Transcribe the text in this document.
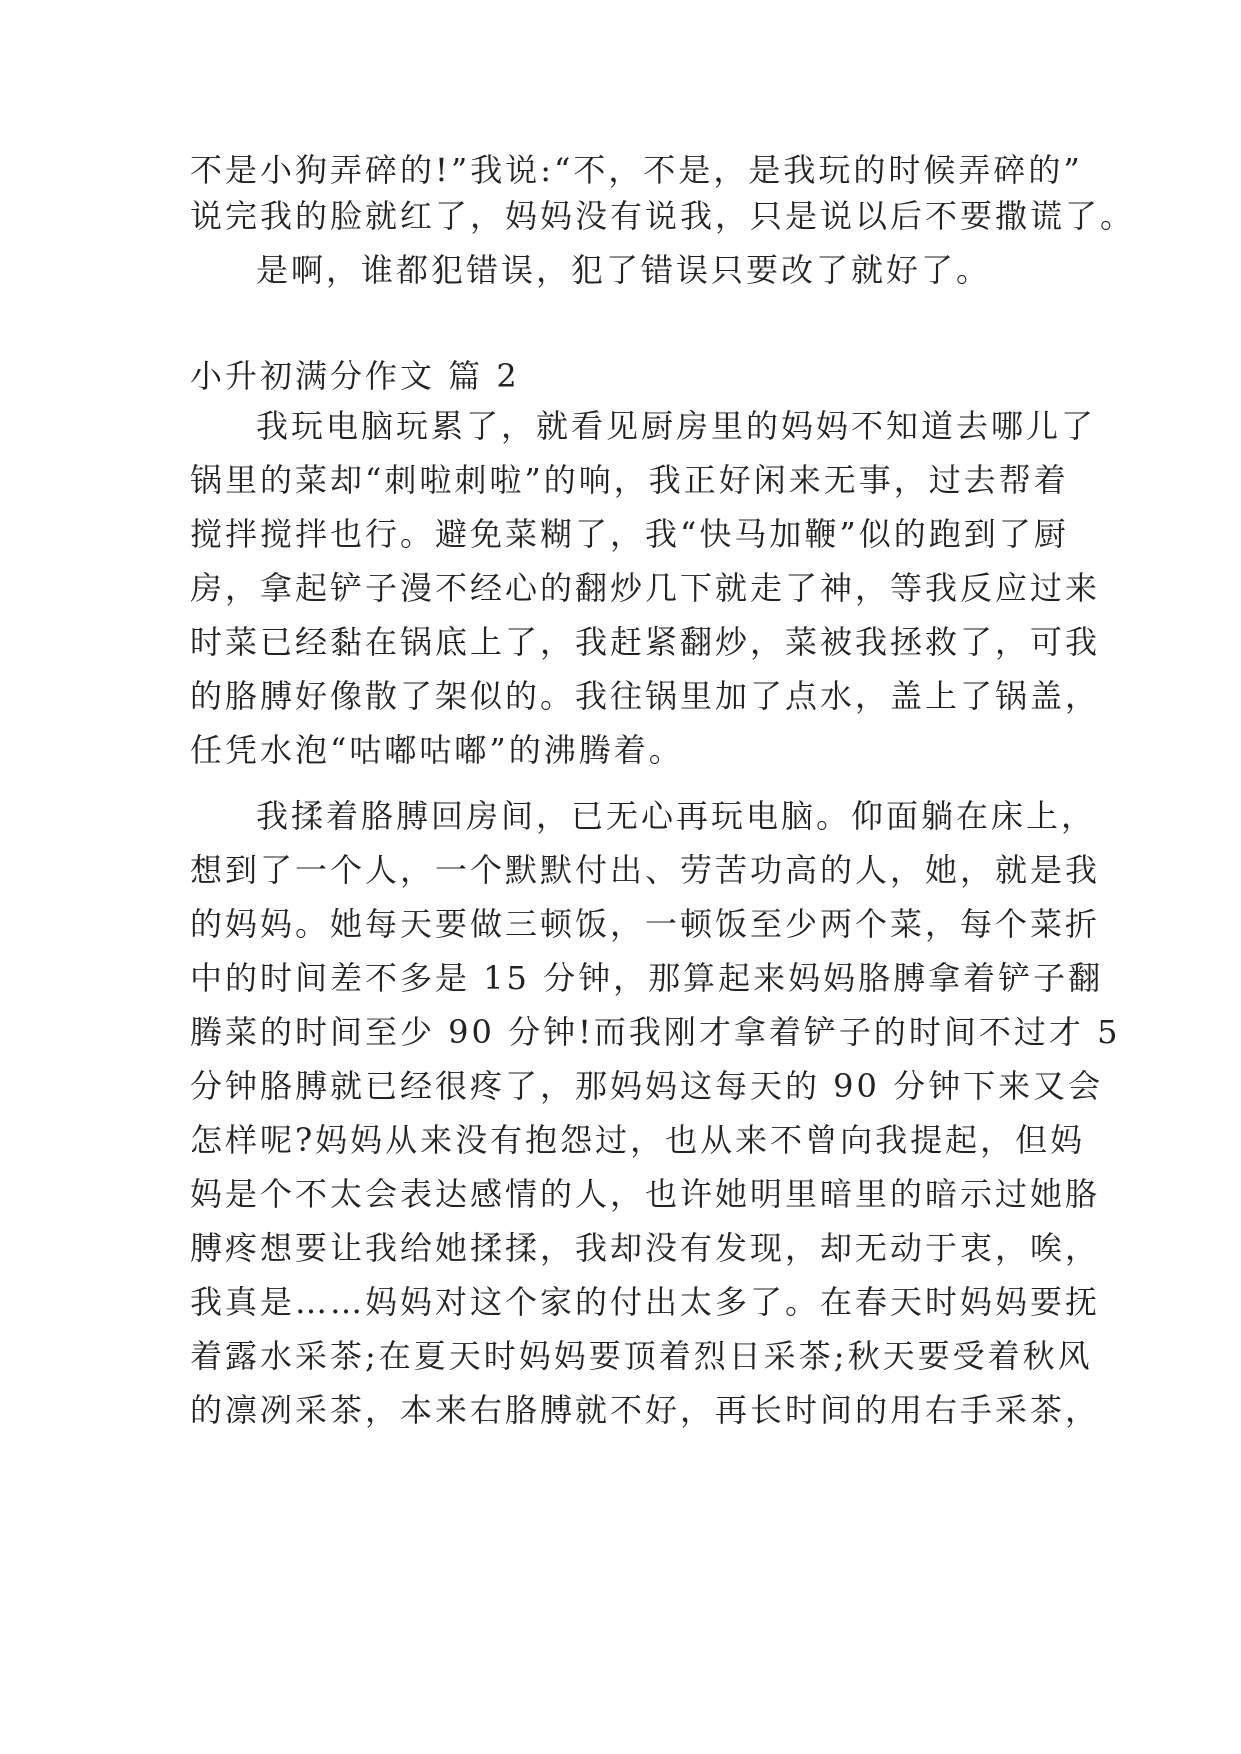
不是小狗弄碎的!”我说:“不，不是，是我玩的时候弄碎的”
说完我的脸就红了，妈妈没有说我，只是说以后不要撒谎了。
是啊，谁都犯错误，犯了错误只要改了就好了。
小升初满分作文 篇 2
我玩电脑玩累了，就看见厨房里的妈妈不知道去哪儿了
锅里的菜却“刺啦刺啦”的响，我正好闲来无事，过去帮着
搅拌搅拌也行。避免菜糊了，我“快马加鞭”似的跑到了厨
房，拿起铲子漫不经心的翻炒几下就走了神，等我反应过来
时菜已经黏在锅底上了，我赶紧翻炒，菜被我拯救了，可我
的胳膊好像散了架似的。我往锅里加了点水，盖上了锅盖，
任凭水泡“咕嘟咕嘟”的沸腾着。
我揉着胳膊回房间，已无心再玩电脑。仰面躺在床上，
想到了一个人，一个默默付出、劳苦功高的人，她，就是我
的妈妈。她每天要做三顿饭，一顿饭至少两个菜，每个菜折
中的时间差不多是 15 分钟，那算起来妈妈胳膊拿着铲子翻
腾菜的时间至少 90 分钟!而我刚才拿着铲子的时间不过才 5
分钟胳膊就已经很疼了，那妈妈这每天的 90 分钟下来又会
怎样呢?妈妈从来没有抱怨过，也从来不曾向我提起，但妈
妈是个不太会表达感情的人，也许她明里暗里的暗示过她胳
膊疼想要让我给她揉揉，我却没有发现，却无动于衷，唉，
我真是……妈妈对这个家的付出太多了。在春天时妈妈要抚
着露水采茶;在夏天时妈妈要顶着烈日采茶;秋天要受着秋风
的凛冽采茶，本来右胳膊就不好，再长时间的用右手采茶，
